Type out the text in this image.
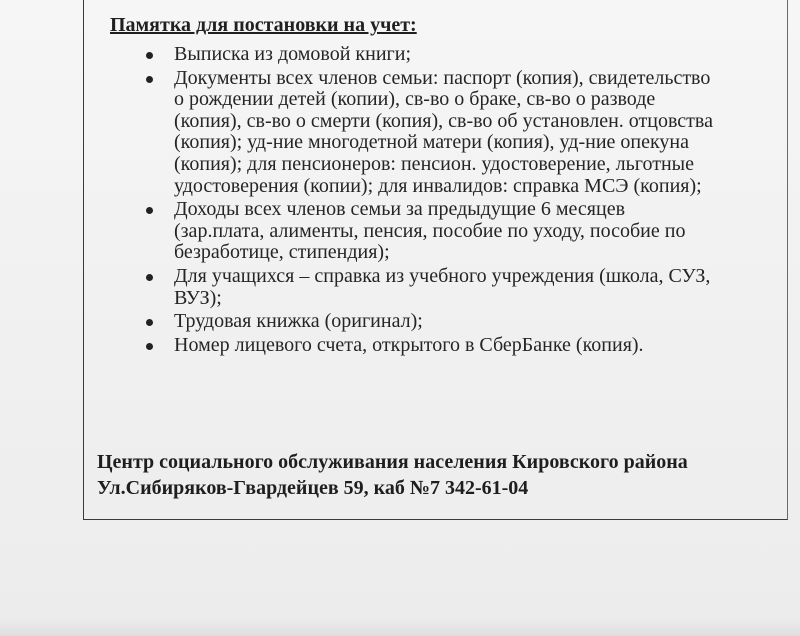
Памятка для постановки на учет:
Выписка из домовой книги;
Документы всех членов семьи: паспорт (копия), свидетельство
о рождении детей (копии), св-во о браке, св-во о разводе
(копия), св-во о смерти (копия), св-во об установлен. отцовства
(копия); уд-ние многодетной матери (копия), уд-ние опекуна
(копия); для пенсионеров: пенсион. удостоверение, льготные
удостоверения (копии); для инвалидов: справка МСЭ (копия);
Доходы всех членов семьи за предыдущие 6 месяцев
(зар.плата, алименты, пенсия, пособие по уходу, пособие по
безработице, стипендия);
Для учащихся – справка из учебного учреждения (школа, СУЗ,
ВУЗ);
Трудовая книжка (оригинал);
Номер лицевого счета, открытого в СберБанке (копия).
Центр социального обслуживания населения Кировского района
Ул.Сибиряков-Гвардейцев 59, каб №7 342-61-04
